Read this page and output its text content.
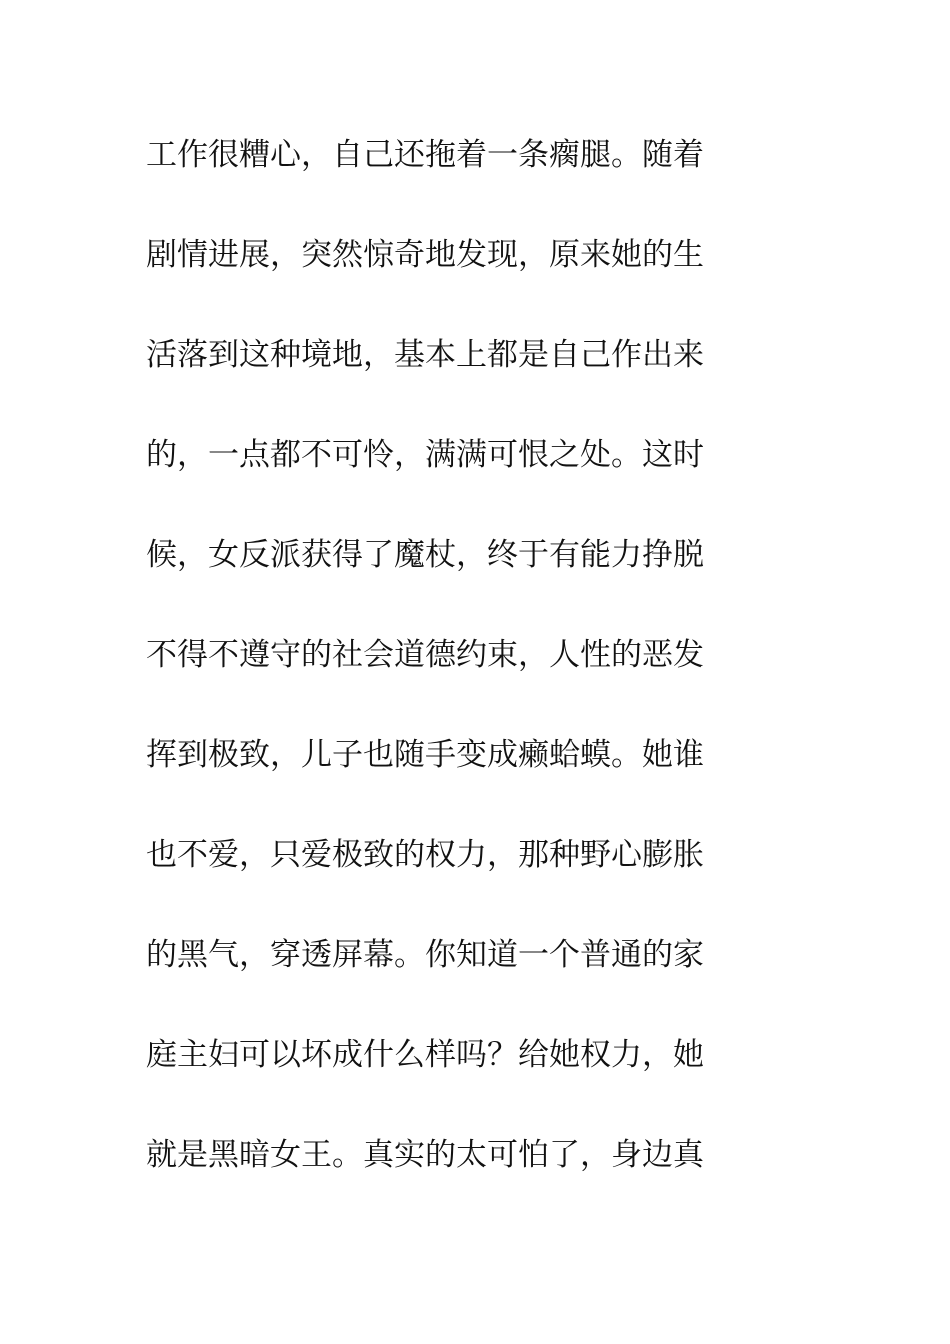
工作很糟心，自己还拖着一条瘸腿。随着
剧情进展，突然惊奇地发现，原来她的生
活落到这种境地，基本上都是自己作出来
的，一点都不可怜，满满可恨之处。这时
候，女反派获得了魔杖，终于有能力挣脱
不得不遵守的社会道德约束，人性的恶发
挥到极致，儿子也随手变成癞蛤蟆。她谁
也不爱，只爱极致的权力，那种野心膨胀
的黑气，穿透屏幕。你知道一个普通的家
庭主妇可以坏成什么样吗？给她权力，她
就是黑暗女王。真实的太可怕了，身边真
